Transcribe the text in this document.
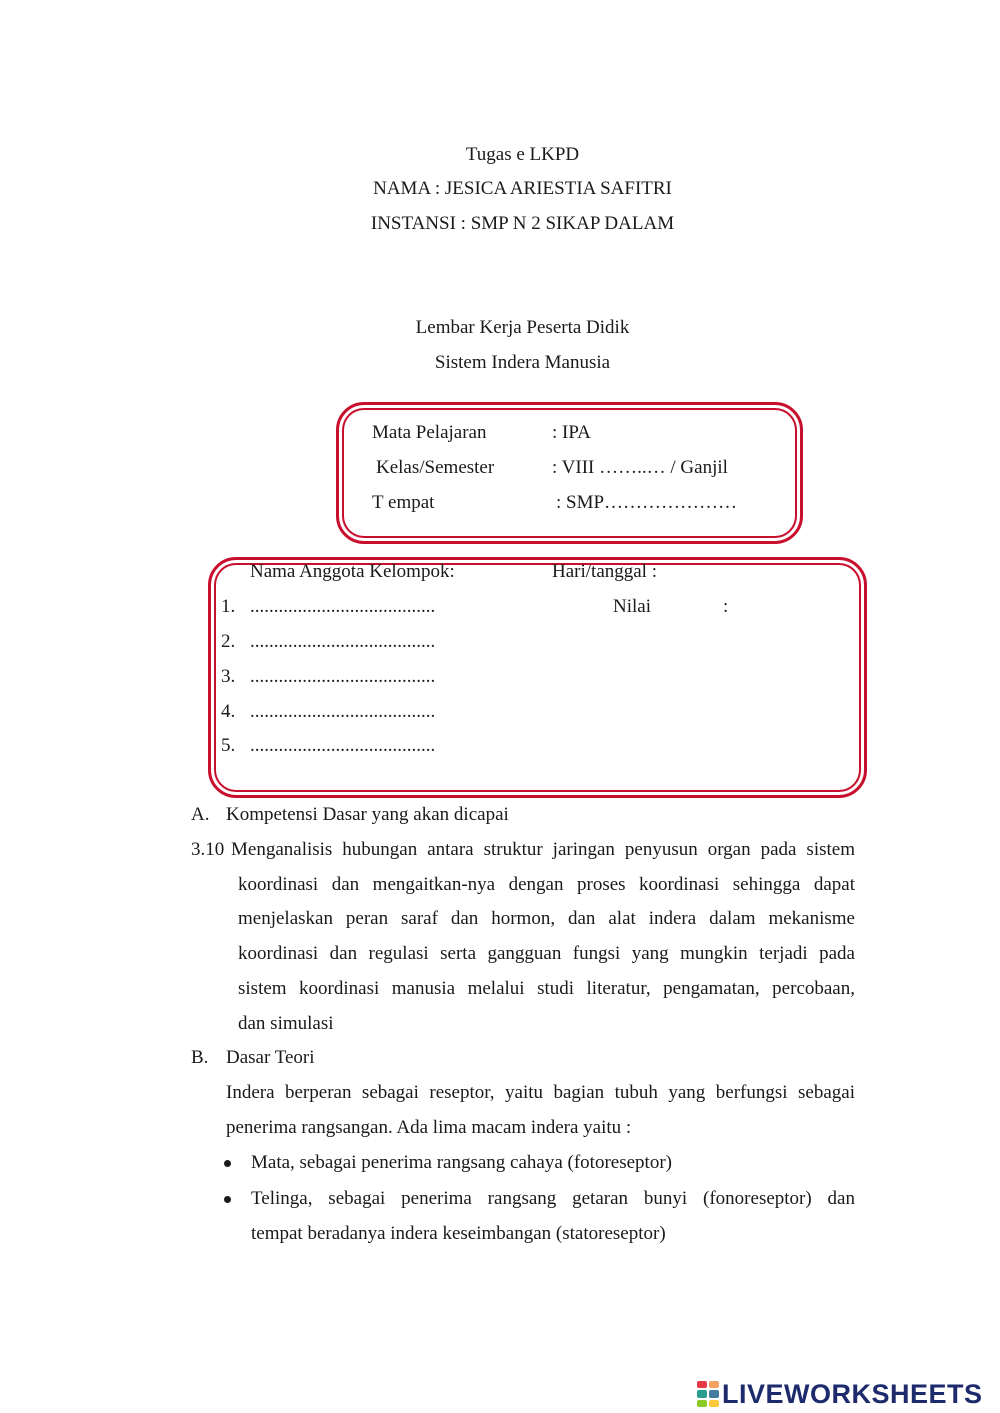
Tugas e LKPD
NAMA : JESICA ARIESTIA SAFITRI
INSTANSI : SMP N 2 SIKAP DALAM
Lembar Kerja Peserta Didik
Sistem Indera Manusia
Mata Pelajaran	: IPA
Kelas/Semester	: VIII ……..… / Ganjil
T empat	: SMP…………………
Nama Anggota Kelompok:	Hari/tanggal :
Nilai	:
1. .......................................
2. .......................................
3. .......................................
4. .......................................
5. .......................................
A. Kompetensi Dasar yang akan dicapai
3.10 Menganalisis hubungan antara struktur jaringan penyusun organ pada sistem
koordinasi dan mengaitkan-nya dengan proses koordinasi sehingga dapat
menjelaskan peran saraf dan hormon, dan alat indera dalam mekanisme
koordinasi dan regulasi serta gangguan fungsi yang mungkin terjadi pada
sistem koordinasi manusia melalui studi literatur, pengamatan, percobaan,
dan simulasi
B. Dasar Teori
Indera berperan sebagai reseptor, yaitu bagian tubuh yang berfungsi sebagai
penerima rangsangan. Ada lima macam indera yaitu :
Mata, sebagai penerima rangsang cahaya (fotoreseptor)
Telinga, sebagai penerima rangsang getaran bunyi (fonoreseptor) dan
tempat beradanya indera keseimbangan (statoreseptor)
LIVEWORKSHEETS
